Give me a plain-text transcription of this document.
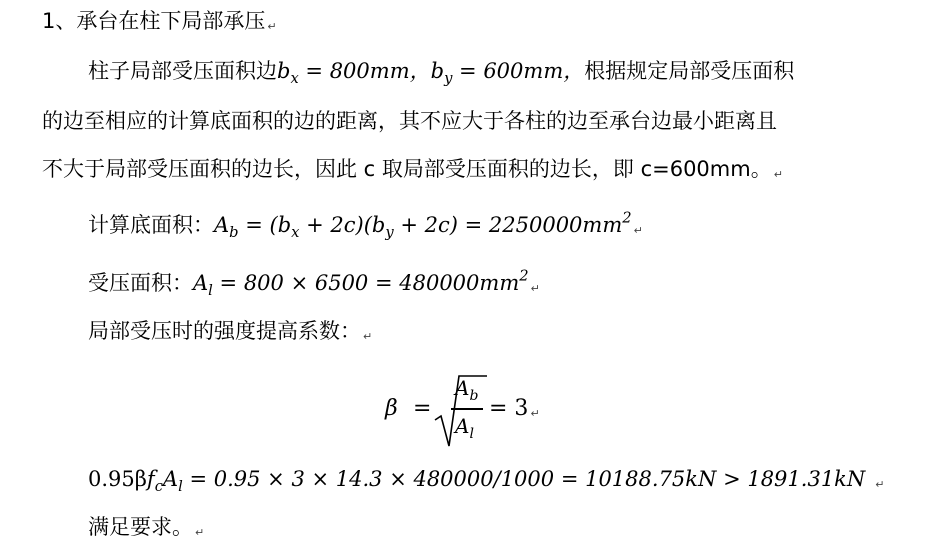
1、承台在柱下局部承压 ↵
柱子局部受压面积边$b_x = 800mm$，$b_y = 600mm$，根据规定局部受压面积
的边至相应的计算底面积的边的距离，其不应大于各柱的边至承台边最小距离且
不大于局部受压面积的边长，因此 c 取局部受压面积的边长，即 c=600mm。 ↵
计算底面积：$A_b = (b_x + 2c)(b_y + 2c)$ = $2250000mm^2↵$
受压面积：$A_l = 800 \times 6500$ = $480000mm^2↵$
局部受压时的强度提高系数： ↵
β =
$A_b$
$A_l$
= 3 ↵
$0.95\beta f_cA_l = 0.95 \times 3 \times 14.3 \times 480000/1000 = 10188.75kN > 1891.31kN$ ↵
满足要求。 ↵
